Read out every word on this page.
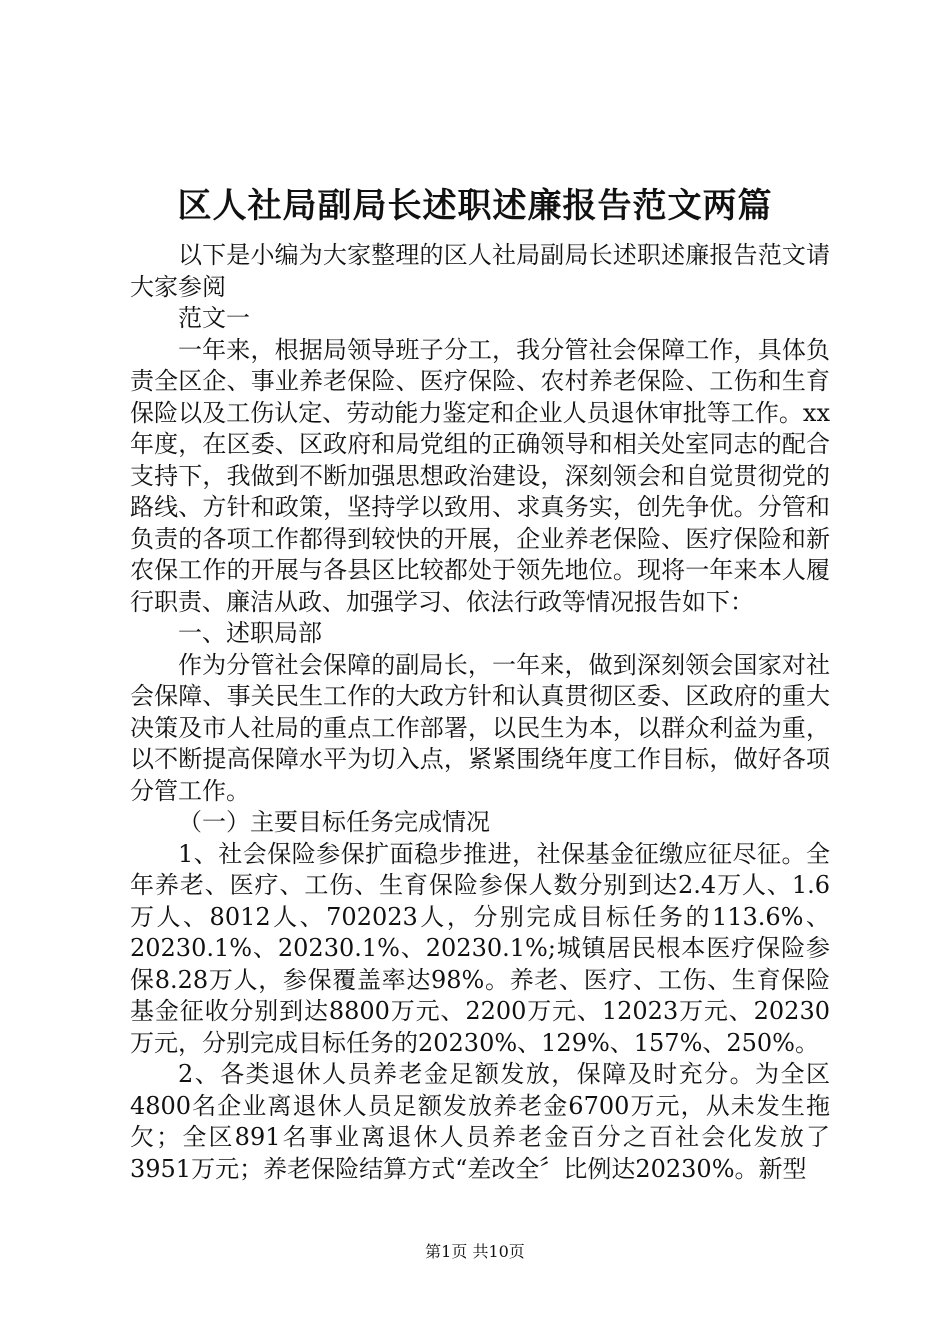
区人社局副局长述职述廉报告范文两篇

以下是小编为大家整理的区人社局副局长述职述廉报告范文请大家参阅

范文一

一年来，根据局领导班子分工，我分管社会保障工作，具体负责全区企、事业养老保险、医疗保险、农村养老保险、工伤和生育保险以及工伤认定、劳动能力鉴定和企业人员退休审批等工作。xx年度，在区委、区政府和局党组的正确领导和相关处室同志的配合支持下，我做到不断加强思想政治建设，深刻领会和自觉贯彻党的路线、方针和政策，坚持学以致用、求真务实，创先争优。分管和负责的各项工作都得到较快的开展，企业养老保险、医疗保险和新农保工作的开展与各县区比较都处于领先地位。现将一年来本人履行职责、廉洁从政、加强学习、依法行政等情况报告如下：

一、述职局部

作为分管社会保障的副局长，一年来，做到深刻领会国家对社会保障、事关民生工作的大政方针和认真贯彻区委、区政府的重大决策及市人社局的重点工作部署，以民生为本，以群众利益为重，以不断提高保障水平为切入点，紧紧围绕年度工作目标，做好各项分管工作。

（一）主要目标任务完成情况

1、社会保险参保扩面稳步推进，社保基金征缴应征尽征。全年养老、医疗、工伤、生育保险参保人数分别到达2.4万人、1.6万人、8012人、702023人，分别完成目标任务的113.6%、20230.1%、20230.1%、20230.1%;城镇居民根本医疗保险参保8.28万人，参保覆盖率达98%。养老、医疗、工伤、生育保险基金征收分别到达8800万元、2200万元、12023万元、20230万元，分别完成目标任务的20230%、129%、157%、250%。

2、各类退休人员养老金足额发放，保障及时充分。为全区4800名企业离退休人员足额发放养老金6700万元，从未发生拖欠；全区891名事业离退休人员养老金百分之百社会化发放了3951万元；养老保险结算方式“差改全〞比例达20230%。新型

第1页 共10页
